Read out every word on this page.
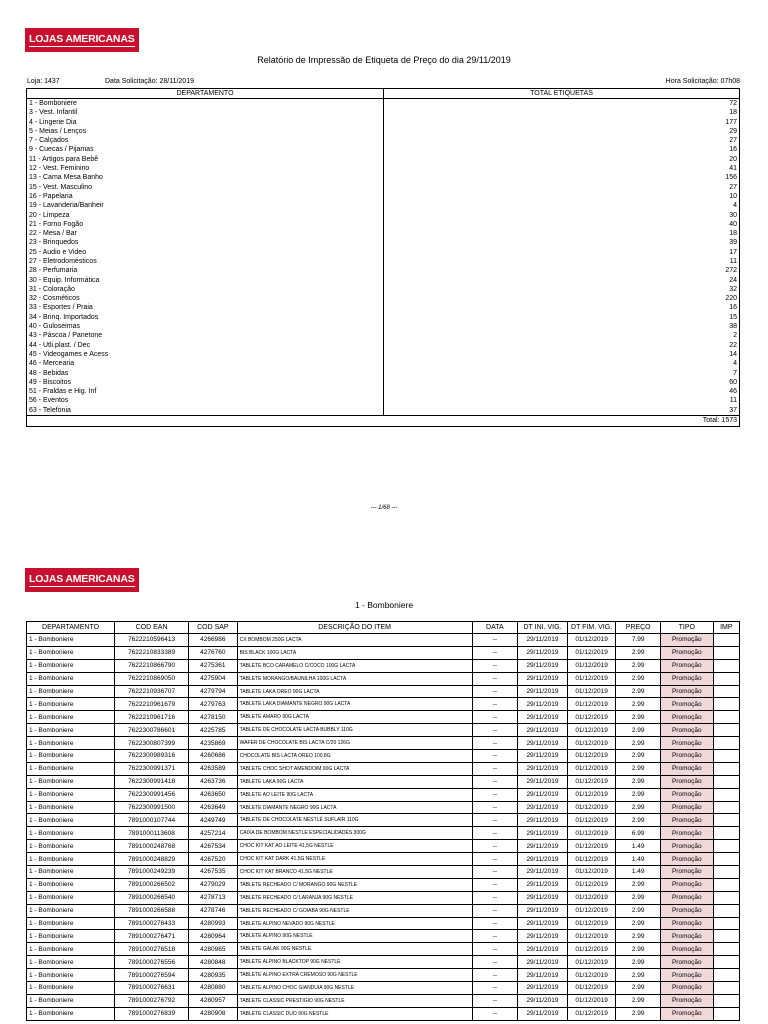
LOJAS AMERICANAS
Relatório de Impressão de Etiqueta de Preço do dia 29/11/2019
Loja: 1437	Data Solicitação: 28/11/2019	Hora Solicitação: 07h08
DEPARTAMENTO	TOTAL ETIQUETAS
1 - Bomboniere	72
3 - Vest. Infantil	18
4 - Lingerie Dia	177
5 - Meias / Lenços	29
7 - Calçados	27
9 - Cuecas / Pijamas	16
11 - Artigos para Bebê	20
12 - Vest. Feminino	41
13 - Cama Mesa Banho	156
15 - Vest. Masculino	27
16 - Papelaria	10
19 - Lavanderia/Banheir	4
20 - Limpeza	30
21 - Forno Fogão	40
22 - Mesa / Bar	18
23 - Brinquedos	39
25 - Audio e Video	17
27 - Eletrodomésticos	11
28 - Perfumaria	272
30 - Equip. Informática	24
31 - Coloração	32
32 - Cosméticos	220
33 - Esportes / Praia	16
34 - Brinq. Importados	15
40 - Guloseimas	38
43 - Páscoa / Panetone	2
44 - Utli.plast. / Dec	22
45 - Videogames e Acess	14
46 - Mercearia	4
48 - Bebidas	7
49 - Biscoitos	60
51 - Fraldas e Hig. Inf	46
56 - Eventos	11
63 - Telefonia	37
	Total: 1573
--- 1/68 ---
LOJAS AMERICANAS
1 - Bomboniere
DEPARTAMENTO	COD EAN	COD SAP	DESCRIÇÃO DO ITEM	DATA	DT INI. VIG.	DT FIM. VIG.	PREÇO	TIPO	IMP
1 - Bomboniere	7622210596413	4266986	CX BOMBOM 250G LACTA	--	29/11/2019	01/12/2019	7.99	Promoção	
1 - Bomboniere	7622210833389	4276760	BIS BLACK 100G LACTA	--	29/11/2019	01/12/2019	2.99	Promoção	
1 - Bomboniere	7622210866790	4275361	TABLETE BCO CARAMELO C/COCO 100G LACTA	--	29/11/2019	01/12/2019	2.99	Promoção	
1 - Bomboniere	7622210869050	4275904	TABLETE MORANGO/BAUNILHA 100G LACTA	--	29/11/2019	01/12/2019	2.99	Promoção	
1 - Bomboniere	7622210936707	4279794	TABLETE LAKA OREO 90G LACTA	--	29/11/2019	01/12/2019	2.99	Promoção	
1 - Bomboniere	7622210961679	4279763	TABLETE LAKA DIAMANTE NEGRO 90G LACTA	--	29/11/2019	01/12/2019	2.99	Promoção	
1 - Bomboniere	7622210961716	4278150	TABLETE AMARO 90G LACTA	--	29/11/2019	01/12/2019	2.99	Promoção	
1 - Bomboniere	7622300786601	4225785	TABLETE DE CHOCOLATE LACTA BUBBLY 110G	--	29/11/2019	01/12/2019	2.99	Promoção	
1 - Bomboniere	7622300807399	4235869	WAFER DE CHOCOLATE BIS LACTA C/20 126G	--	29/11/2019	01/12/2019	2.99	Promoção	
1 - Bomboniere	7622300989316	4260686	CHOCOLATE BIS LACTA OREO 100.8G	--	29/11/2019	01/12/2019	2.99	Promoção	
1 - Bomboniere	7622300991371	4263589	TABLETE CHOC SHOT AMENDOIM 90G LACTA	--	29/11/2019	01/12/2019	2.99	Promoção	
1 - Bomboniere	7622300991418	4263736	TABLETE LAKA 90G LACTA	--	29/11/2019	01/12/2019	2.99	Promoção	
1 - Bomboniere	7622300991456	4263650	TABLETE AO LEITE 90G LACTA	--	29/11/2019	01/12/2019	2.99	Promoção	
1 - Bomboniere	7622300991500	4263649	TABLETE DIAMANTE NEGRO 90G LACTA	--	29/11/2019	01/12/2019	2.99	Promoção	
1 - Bomboniere	7891000107744	4249749	TABLETE DE CHOCOLATE NESTLÉ SUFLAIR 110G	--	29/11/2019	01/12/2019	2.99	Promoção	
1 - Bomboniere	7891000113608	4257214	CAIXA DE BOMBOM NESTLE ESPECIALIDADES 300G	--	29/11/2019	01/12/2019	6.99	Promoção	
1 - Bomboniere	7891000248768	4267534	CHOC KIT KAT AO LEITE 41,5G NESTLE	--	29/11/2019	01/12/2019	1.49	Promoção	
1 - Bomboniere	7891000248829	4267520	CHOC KIT KAT DARK 41,5G NESTLE	--	29/11/2019	01/12/2019	1.49	Promoção	
1 - Bomboniere	7891000249239	4267535	CHOC KIT KAT BRANCO 41,5G NESTLE	--	29/11/2019	01/12/2019	1.49	Promoção	
1 - Bomboniere	7891000266502	4279029	TABLETE RECHEADO C/ MORANGO 90G NESTLE	--	29/11/2019	01/12/2019	2.99	Promoção	
1 - Bomboniere	7891000266540	4278713	TABLETE RECHEADO C/ LARANJA 90G NESTLE	--	29/11/2019	01/12/2019	2.99	Promoção	
1 - Bomboniere	7891000266588	4278746	TABLETE RECHEADO C/ GOIABA 90G NESTLE	--	29/11/2019	01/12/2019	2.99	Promoção	
1 - Bomboniere	7891000276433	4280993	TABLETE ALPINO NEVADO 90G NESTLE	--	29/11/2019	01/12/2019	2.99	Promoção	
1 - Bomboniere	7891000276471	4280964	TABLETE ALPINO 90G NESTLE	--	29/11/2019	01/12/2019	2.99	Promoção	
1 - Bomboniere	7891000276518	4280965	TABLETE GALAK 90G NESTLE	--	29/11/2019	01/12/2019	2.99	Promoção	
1 - Bomboniere	7891000276556	4280848	TABLETE ALPINO BLACKTOP 90G NESTLE	--	29/11/2019	01/12/2019	2.99	Promoção	
1 - Bomboniere	7891000276594	4280935	TABLETE ALPINO EXTRA CRÉMOSO 90G NESTLE	--	29/11/2019	01/12/2019	2.99	Promoção	
1 - Bomboniere	7891000276631	4280880	TABLETE ALPINO CHOC GIANDUIA 90G NESTLE	--	29/11/2019	01/12/2019	2.99	Promoção	
1 - Bomboniere	7891000276792	4280957	TABLETE CLASSIC PRESTIGIO 90G NESTLE	--	29/11/2019	01/12/2019	2.99	Promoção	
1 - Bomboniere	7891000276839	4280908	TABLETE CLASSIC DUO 90G NESTLE	--	29/11/2019	01/12/2019	2.99	Promoção	
